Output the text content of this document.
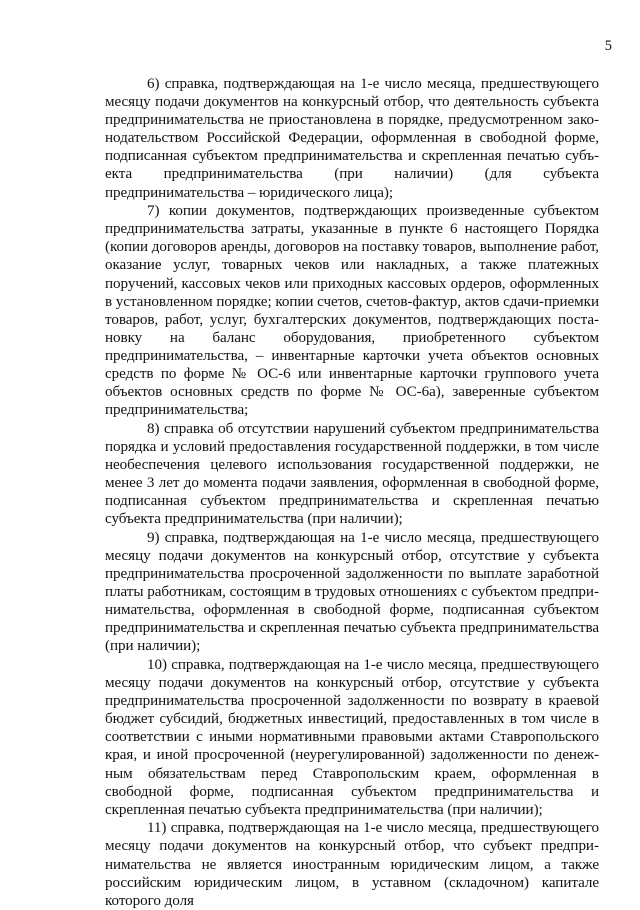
5

6) справка, подтверждающая на 1-е число месяца, предшествующего месяцу подачи документов на конкурсный отбор, что деятельность субъекта предпринимательства не приостановлена в порядке, предусмотренном законодательством Российской Федерации, оформленная в свободной форме, подписанная субъектом предпринимательства и скрепленная печатью субъекта предпринимательства (при наличии) (для субъекта предпринимательства – юридического лица);

7) копии документов, подтверждающих произведенные субъектом предпринимательства затраты, указанные в пункте 6 настоящего Порядка (копии договоров аренды, договоров на поставку товаров, выполнение работ, оказание услуг, товарных чеков или накладных, а также платежных поручений, кассовых чеков или приходных кассовых ордеров, оформленных в установленном порядке; копии счетов, счетов-фактур, актов сдачи-приемки товаров, работ, услуг, бухгалтерских документов, подтверждающих постановку на баланс оборудования, приобретенного субъектом предпринимательства, – инвентарные карточки учета объектов основных средств по форме № ОС-6 или инвентарные карточки группового учета объектов основных средств по форме № ОС-6а), заверенные субъектом предпринимательства;

8) справка об отсутствии нарушений субъектом предпринимательства порядка и условий предоставления государственной поддержки, в том числе необеспечения целевого использования государственной поддержки, не менее 3 лет до момента подачи заявления, оформленная в свободной форме, подписанная субъектом предпринимательства и скрепленная печатью субъекта предпринимательства (при наличии);

9) справка, подтверждающая на 1-е число месяца, предшествующего месяцу подачи документов на конкурсный отбор, отсутствие у субъекта предпринимательства просроченной задолженности по выплате заработной платы работникам, состоящим в трудовых отношениях с субъектом предпринимательства, оформленная в свободной форме, подписанная субъектом предпринимательства и скрепленная печатью субъекта предпринимательства (при наличии);

10) справка, подтверждающая на 1-е число месяца, предшествующего месяцу подачи документов на конкурсный отбор, отсутствие у субъекта предпринимательства просроченной задолженности по возврату в краевой бюджет субсидий, бюджетных инвестиций, предоставленных в том числе в соответствии с иными нормативными правовыми актами Ставропольского края, и иной просроченной (неурегулированной) задолженности по денежным обязательствам перед Ставропольским краем, оформленная в свободной форме, подписанная субъектом предпринимательства и скрепленная печатью субъекта предпринимательства (при наличии);

11) справка, подтверждающая на 1-е число месяца, предшествующего месяцу подачи документов на конкурсный отбор, что субъект предпринимательства не является иностранным юридическим лицом, а также российским юридическим лицом, в уставном (складочном) капитале которого доля
